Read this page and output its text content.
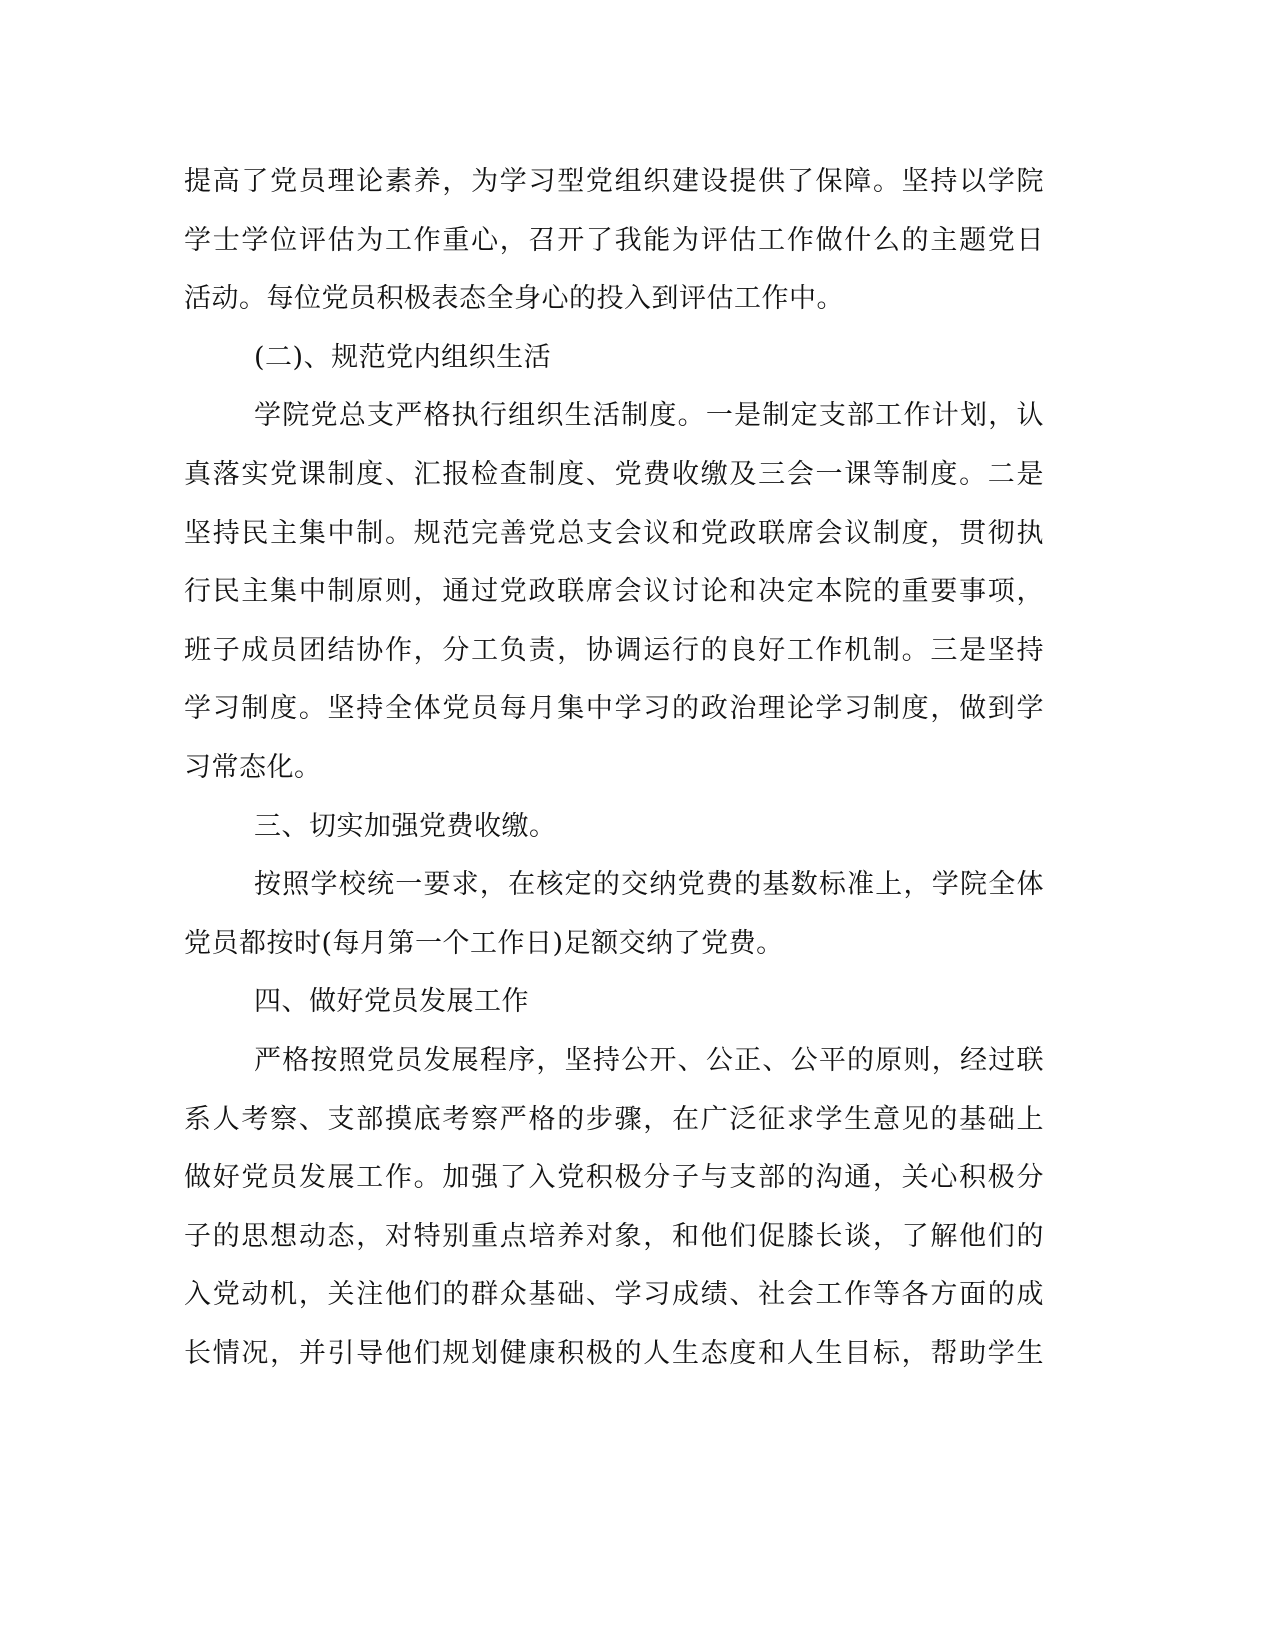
提高了党员理论素养，为学习型党组织建设提供了保障。坚持以学院
学士学位评估为工作重心，召开了我能为评估工作做什么的主题党日
活动。每位党员积极表态全身心的投入到评估工作中。
(二)、规范党内组织生活
学院党总支严格执行组织生活制度。一是制定支部工作计划，认
真落实党课制度、汇报检查制度、党费收缴及三会一课等制度。二是
坚持民主集中制。规范完善党总支会议和党政联席会议制度，贯彻执
行民主集中制原则，通过党政联席会议讨论和决定本院的重要事项，
班子成员团结协作，分工负责，协调运行的良好工作机制。三是坚持
学习制度。坚持全体党员每月集中学习的政治理论学习制度，做到学
习常态化。
三、切实加强党费收缴。
按照学校统一要求，在核定的交纳党费的基数标准上，学院全体
党员都按时(每月第一个工作日)足额交纳了党费。
四、做好党员发展工作
严格按照党员发展程序，坚持公开、公正、公平的原则，经过联
系人考察、支部摸底考察严格的步骤，在广泛征求学生意见的基础上
做好党员发展工作。加强了入党积极分子与支部的沟通，关心积极分
子的思想动态，对特别重点培养对象，和他们促膝长谈，了解他们的
入党动机，关注他们的群众基础、学习成绩、社会工作等各方面的成
长情况，并引导他们规划健康积极的人生态度和人生目标，帮助学生
